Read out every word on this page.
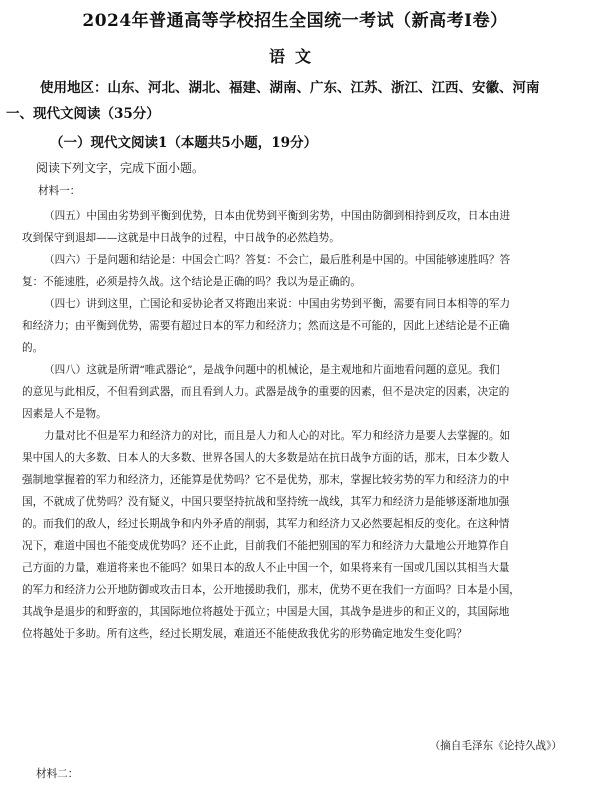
2024年普通高等学校招生全国统一考试（新高考I卷）
语文
使用地区：山东、河北、湖北、福建、湖南、广东、江苏、浙江、江西、安徽、河南
一、现代文阅读（35分）
（一）现代文阅读1（本题共5小题，19分）
阅读下列文字，完成下面小题。
材料一：
（四五）中国由劣势到平衡到优势，日本由优势到平衡到劣势，中国由防御到相持到反攻，日本由进
攻到保守到退却——这就是中日战争的过程，中日战争的必然趋势。
（四六）于是问题和结论是：中国会亡吗？答复：不会亡，最后胜利是中国的。中国能够速胜吗？答
复：不能速胜，必须是持久战。这个结论是正确的吗？我以为是正确的。
（四七）讲到这里，亡国论和妥协论者又将跑出来说：中国由劣势到平衡，需要有同日本相等的军力
和经济力；由平衡到优势，需要有超过日本的军力和经济力；然而这是不可能的，因此上述结论是不正确
的。
（四八）这就是所谓“唯武器论”，是战争问题中的机械论，是主观地和片面地看问题的意见。我们
的意见与此相反，不但看到武器，而且看到人力。武器是战争的重要的因素，但不是决定的因素，决定的
因素是人不是物。
力量对比不但是军力和经济力的对比，而且是人力和人心的对比。军力和经济力是要人去掌握的。如
果中国人的大多数、日本人的大多数、世界各国人的大多数是站在抗日战争方面的话，那末，日本少数人
强制地掌握着的军力和经济力，还能算是优势吗？它不是优势，那末，掌握比较劣势的军力和经济力的中
国，不就成了优势吗？没有疑义，中国只要坚持抗战和坚持统一战线，其军力和经济力是能够逐渐地加强
的。而我们的敌人，经过长期战争和内外矛盾的削弱，其军力和经济力又必然要起相反的变化。在这种情
况下，难道中国也不能变成优势吗？还不止此，目前我们不能把别国的军力和经济力大量地公开地算作自
己方面的力量，难道将来也不能吗？如果日本的敌人不止中国一个，如果将来有一国或几国以其相当大量
的军力和经济力公开地防御或攻击日本，公开地援助我们，那末，优势不更在我们一方面吗？日本是小国，
其战争是退步的和野蛮的，其国际地位将越处于孤立；中国是大国，其战争是进步的和正义的，其国际地
位将越处于多助。所有这些，经过长期发展，难道还不能使敌我优劣的形势确定地发生变化吗？
（摘自毛泽东《论持久战》）
材料二：
